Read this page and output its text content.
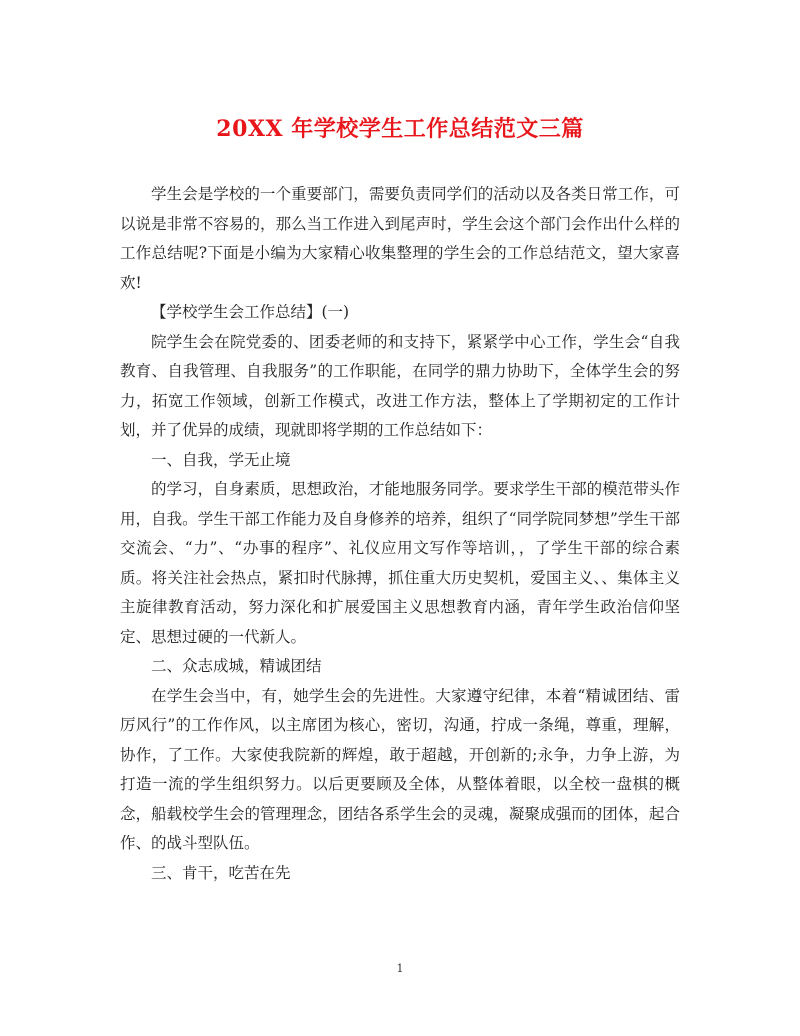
20XX 年学校学生工作总结范文三篇

学生会是学校的一个重要部门，需要负责同学们的活动以及各类日常工作，可以说是非常不容易的，那么当工作进入到尾声时，学生会这个部门会作出什么样的工作总结呢?下面是小编为大家精心收集整理的学生会的工作总结范文，望大家喜欢!

【学校学生会工作总结】(一)

院学生会在院党委的、团委老师的和支持下，紧紧学中心工作，学生会“自我教育、自我管理、自我服务”的工作职能，在同学的鼎力协助下，全体学生会的努力，拓宽工作领域，创新工作模式，改进工作方法，整体上了学期初定的工作计划，并了优异的成绩，现就即将学期的工作总结如下：

一、自我，学无止境

的学习，自身素质，思想政治，才能地服务同学。要求学生干部的模范带头作用，自我。学生干部工作能力及自身修养的培养，组织了“同学院同梦想”学生干部交流会、“力”、“办事的程序”、礼仪应用文写作等培训，，了学生干部的综合素质。将关注社会热点，紧扣时代脉搏，抓住重大历史契机，爱国主义、、集体主义主旋律教育活动，努力深化和扩展爱国主义思想教育内涵，青年学生政治信仰坚定、思想过硬的一代新人。

二、众志成城，精诚团结

在学生会当中，有，她学生会的先进性。大家遵守纪律，本着“精诚团结、雷厉风行”的工作作风，以主席团为核心，密切，沟通，拧成一条绳，尊重，理解，协作，了工作。大家使我院新的辉煌，敢于超越，开创新的;永争，力争上游，为打造一流的学生组织努力。以后更要顾及全体，从整体着眼，以全校一盘棋的概念，船载校学生会的管理理念，团结各系学生会的灵魂，凝聚成强而的团体，起合作、的战斗型队伍。

三、肯干，吃苦在先

1
